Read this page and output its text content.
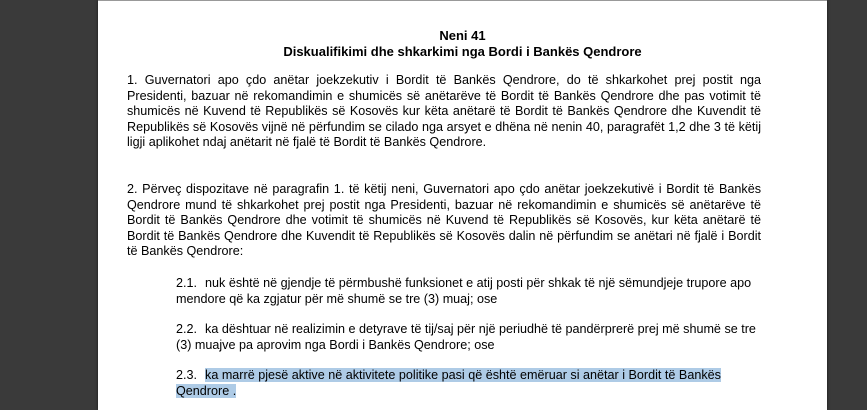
Neni 41
Diskualifikimi dhe shkarkimi nga Bordi i Bankës Qendrore
1. Guvernatori apo çdo anëtar joekzekutiv i Bordit të Bankës Qendrore, do të shkarkohet prej postit nga Presidenti, bazuar në rekomandimin e shumicës së anëtarëve të Bordit të Bankës Qendrore dhe pas votimit të shumicës në Kuvend të Republikës së Kosovës kur këta anëtarë të Bordit të Bankës Qendrore dhe Kuvendit të Republikës së Kosovës vijnë në përfundim se cilado nga arsyet e dhëna në nenin 40, paragrafët 1,2 dhe 3 të këtij ligji aplikohet ndaj anëtarit në fjalë të Bordit të Bankës Qendrore.
2. Përveç dispozitave në paragrafin 1. të këtij neni, Guvernatori apo çdo anëtar joekzekutivë i Bordit të Bankës Qendrore mund të shkarkohet prej postit nga Presidenti, bazuar në rekomandimin e shumicës së anëtarëve të Bordit të Bankës Qendrore dhe votimit të shumicës në Kuvend të Republikës së Kosovës, kur këta anëtarë të Bordit të Bankës Qendrore dhe Kuvendit të Republikës së Kosovës dalin në përfundim se anëtari në fjalë i Bordit të Bankës Qendrore:
2.1. nuk është në gjendje të përmbushë funksionet e atij posti për shkak të një sëmundjeje trupore apo mendore që ka zgjatur për më shumë se tre (3) muaj; ose
2.2. ka dështuar në realizimin e detyrave të tij/saj për një periudhë të pandërprerë prej më shumë se tre (3) muajve pa aprovim nga Bordi i Bankës Qendrore; ose
2.3. ka marrë pjesë aktive në aktivitete politike pasi që është emëruar si anëtar i Bordit të Bankës Qendrore .
